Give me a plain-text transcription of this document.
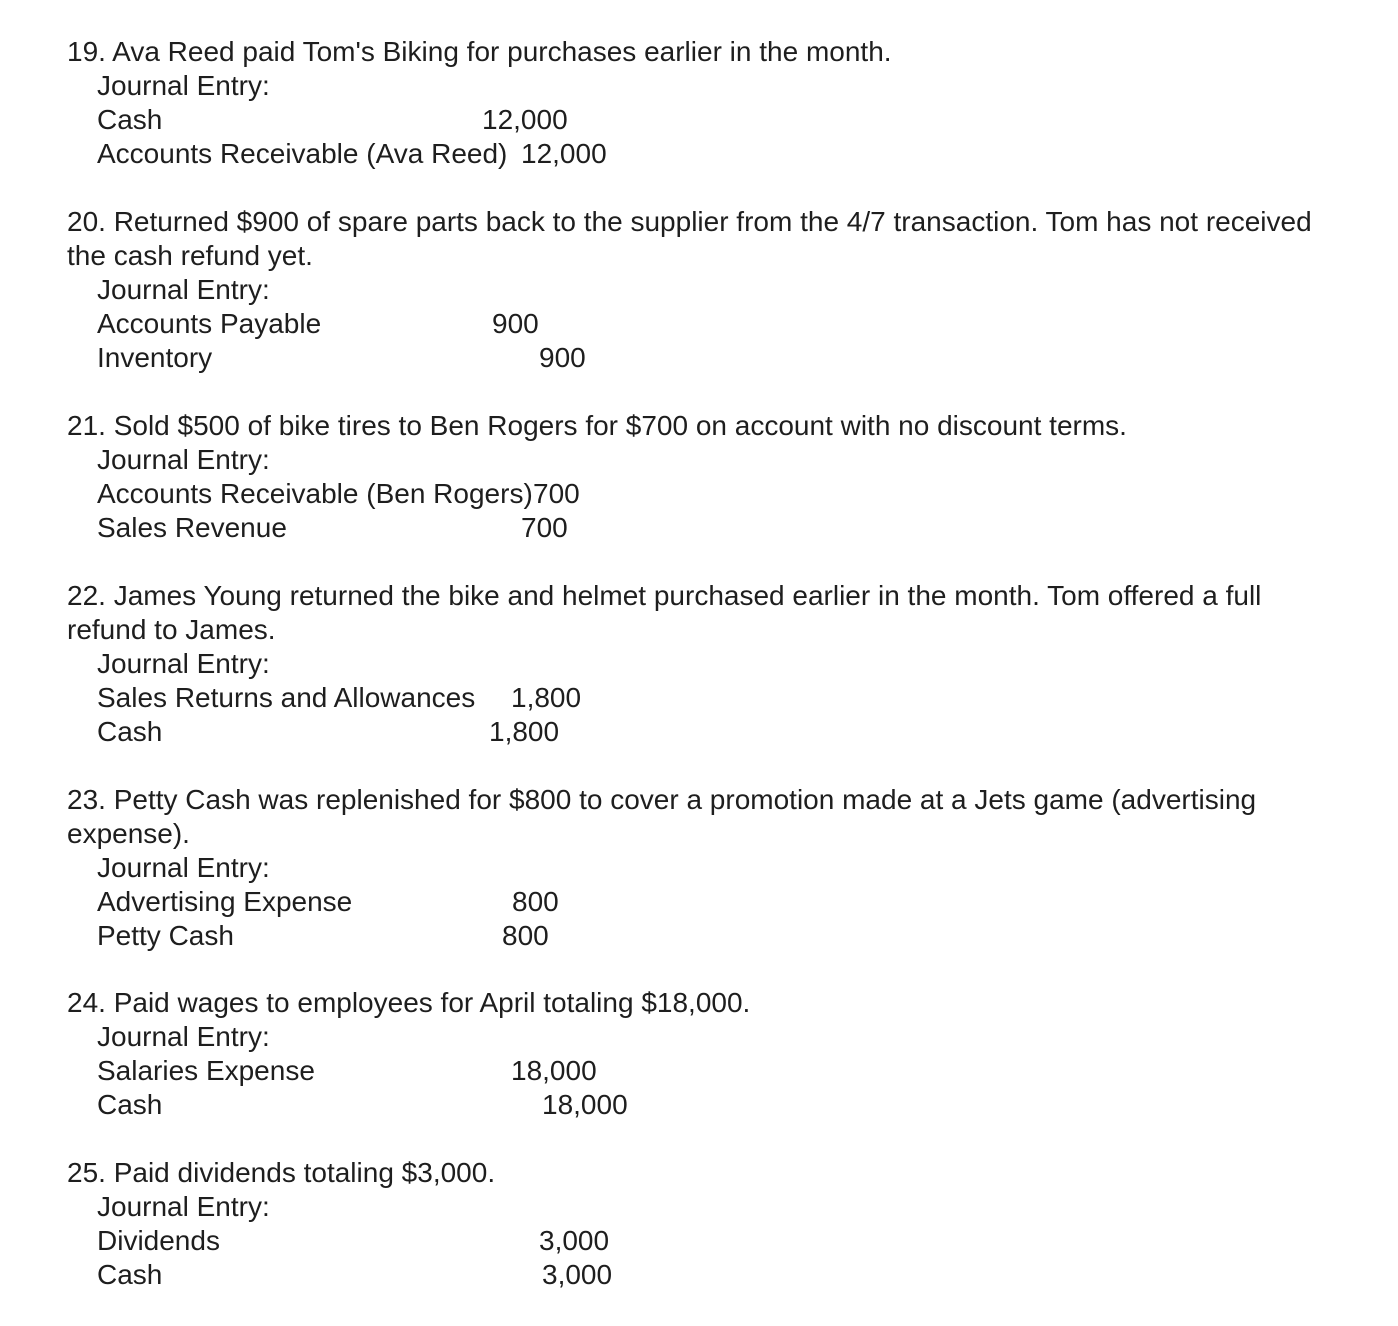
19. Ava Reed paid Tom's Biking for purchases earlier in the month.
Journal Entry:
Cash	12,000
Accounts Receivable (Ava Reed) 12,000
20. Returned $900 of spare parts back to the supplier from the 4/7 transaction. Tom has not received
the cash refund yet.
Journal Entry:
Accounts Payable	900
Inventory	900
21. Sold $500 of bike tires to Ben Rogers for $700 on account with no discount terms.
Journal Entry:
Accounts Receivable (Ben Rogers) 700
Sales Revenue	700
22. James Young returned the bike and helmet purchased earlier in the month. Tom offered a full
refund to James.
Journal Entry:
Sales Returns and Allowances 1,800
Cash	1,800
23. Petty Cash was replenished for $800 to cover a promotion made at a Jets game (advertising
expense).
Journal Entry:
Advertising Expense	800
Petty Cash	800
24. Paid wages to employees for April totaling $18,000.
Journal Entry:
Salaries Expense	18,000
Cash	18,000
25. Paid dividends totaling $3,000.
Journal Entry:
Dividends	3,000
Cash	3,000
